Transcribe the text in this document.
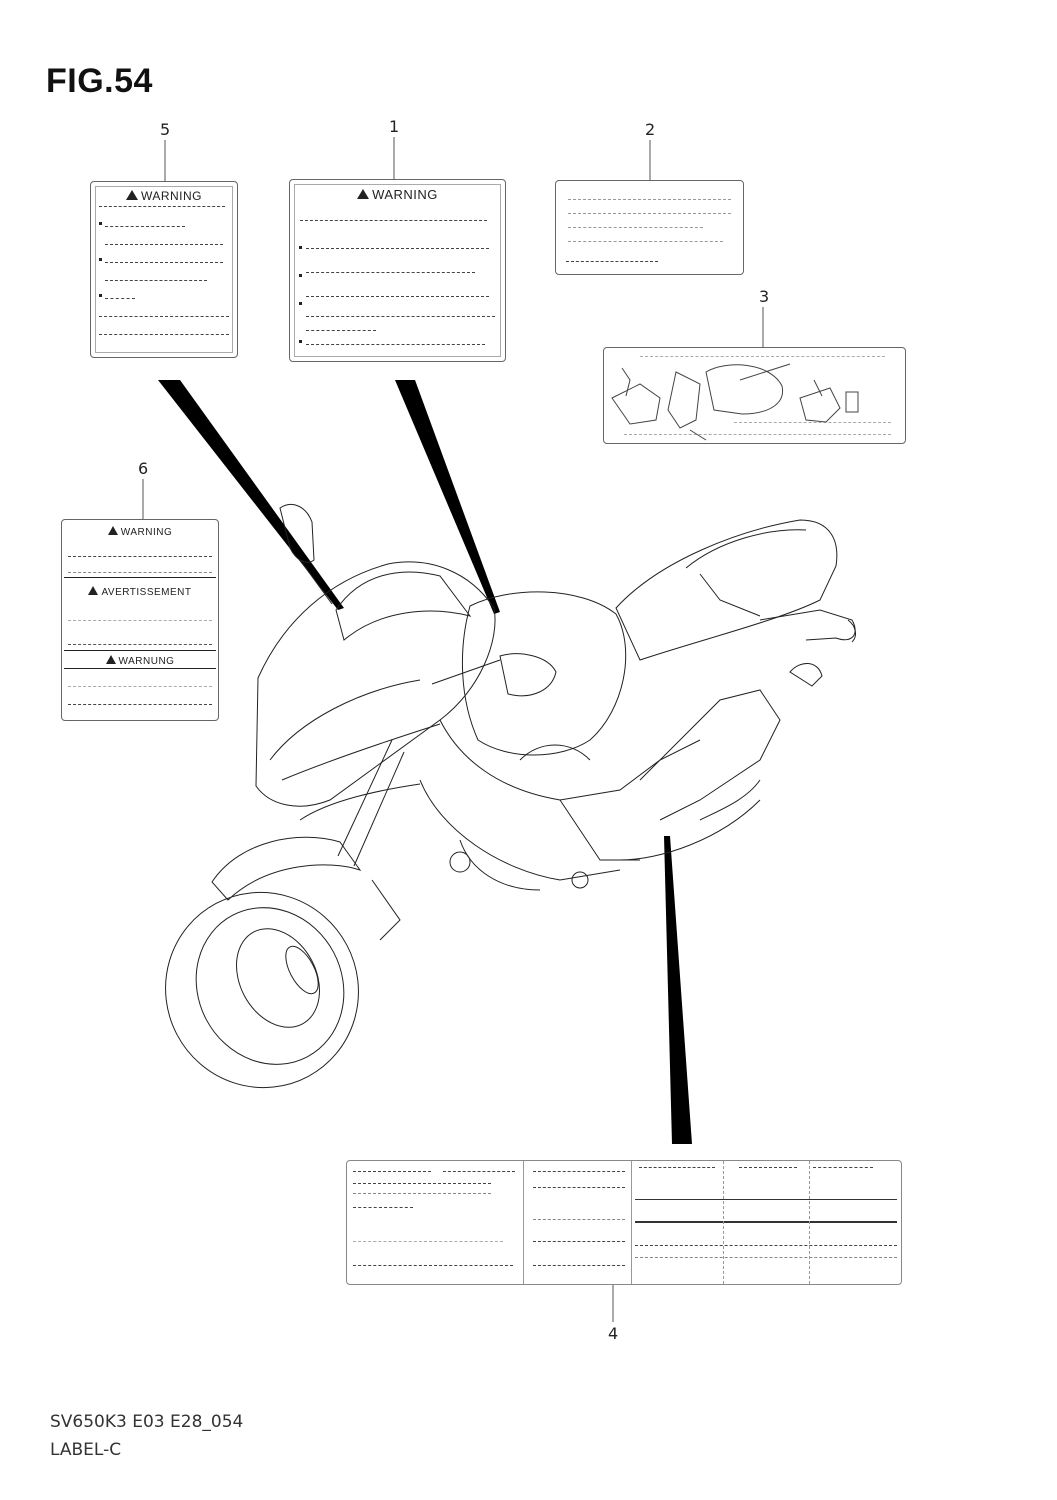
FIG.54
5	1	2
3
6
4
WARNING	WARNING
WARNING
AVERTISSEMENT
WARNUNG
SV650K3 E03 E28_054
LABEL-C
